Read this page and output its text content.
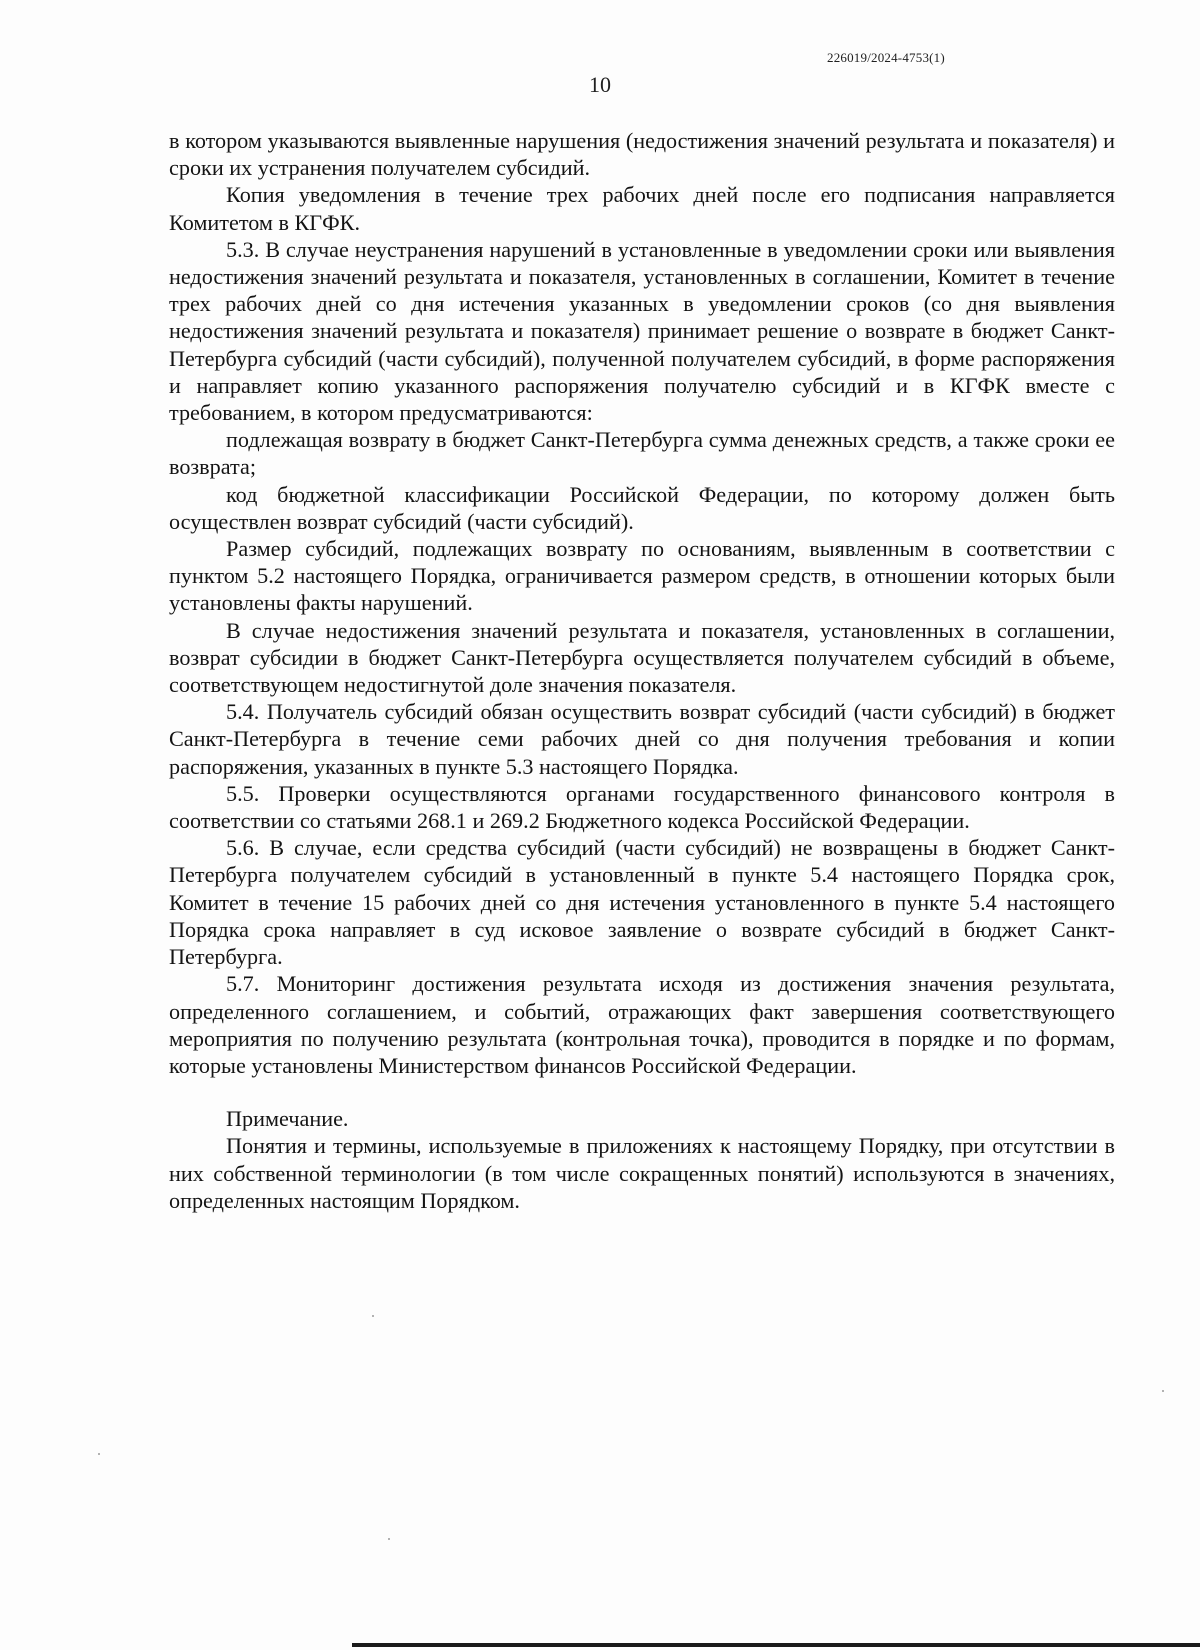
226019/2024-4753(1)
10

в котором указываются выявленные нарушения (недостижения значений результата и показателя) и сроки их устранения получателем субсидий.

Копия уведомления в течение трех рабочих дней после его подписания направляется Комитетом в КГФК.

5.3. В случае неустранения нарушений в установленные в уведомлении сроки или выявления недостижения значений результата и показателя, установленных в соглашении, Комитет в течение трех рабочих дней со дня истечения указанных в уведомлении сроков (со дня выявления недостижения значений результата и показателя) принимает решение о возврате в бюджет Санкт-Петербурга субсидий (части субсидий), полученной получателем субсидий, в форме распоряжения и направляет копию указанного распоряжения получателю субсидий и в КГФК вместе с требованием, в котором предусматриваются:

подлежащая возврату в бюджет Санкт-Петербурга сумма денежных средств, а также сроки ее возврата;

код бюджетной классификации Российской Федерации, по которому должен быть осуществлен возврат субсидий (части субсидий).

Размер субсидий, подлежащих возврату по основаниям, выявленным в соответствии с пунктом 5.2 настоящего Порядка, ограничивается размером средств, в отношении которых были установлены факты нарушений.

В случае недостижения значений результата и показателя, установленных в соглашении, возврат субсидии в бюджет Санкт-Петербурга осуществляется получателем субсидий в объеме, соответствующем недостигнутой доле значения показателя.

5.4. Получатель субсидий обязан осуществить возврат субсидий (части субсидий) в бюджет Санкт-Петербурга в течение семи рабочих дней со дня получения требования и копии распоряжения, указанных в пункте 5.3 настоящего Порядка.

5.5. Проверки осуществляются органами государственного финансового контроля в соответствии со статьями 268.1 и 269.2 Бюджетного кодекса Российской Федерации.

5.6. В случае, если средства субсидий (части субсидий) не возвращены в бюджет Санкт-Петербурга получателем субсидий в установленный в пункте 5.4 настоящего Порядка срок, Комитет в течение 15 рабочих дней со дня истечения установленного в пункте 5.4 настоящего Порядка срока направляет в суд исковое заявление о возврате субсидий в бюджет Санкт-Петербурга.

5.7. Мониторинг достижения результата исходя из достижения значения результата, определенного соглашением, и событий, отражающих факт завершения соответствующего мероприятия по получению результата (контрольная точка), проводится в порядке и по формам, которые установлены Министерством финансов Российской Федерации.

Примечание.

Понятия и термины, используемые в приложениях к настоящему Порядку, при отсутствии в них собственной терминологии (в том числе сокращенных понятий) используются в значениях, определенных настоящим Порядком.
